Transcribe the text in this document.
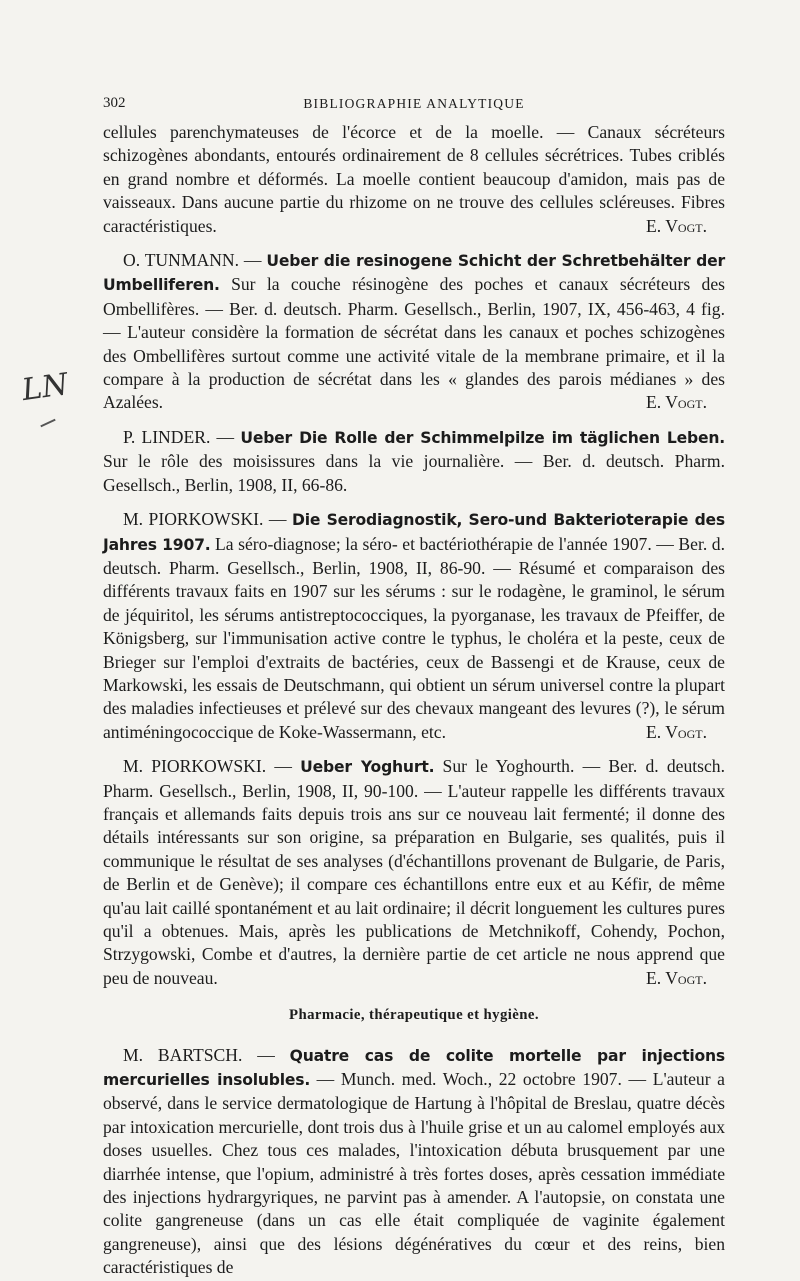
LN
302	BIBLIOGRAPHIE ANALYTIQUE

cellules parenchymateuses de l'écorce et de la moelle. — Canaux sécréteurs schizogènes abondants, entourés ordinairement de 8 cellules sécrétrices. Tubes criblés en grand nombre et déformés. La moelle contient beaucoup d'amidon, mais pas de vaisseaux. Dans aucune partie du rhizome on ne trouve des cellules scléreuses. Fibres caractéristiques.	E. Vogt.

O. TUNMANN. — Ueber die resinogene Schicht der Schretbehälter der Umbelliferen. Sur la couche résinogène des poches et canaux sécréteurs des Ombellifères. — Ber. d. deutsch. Pharm. Gesellsch., Berlin, 1907, IX, 456-463, 4 fig. — L'auteur considère la formation de sécrétat dans les canaux et poches schizogènes des Ombellifères surtout comme une activité vitale de la membrane primaire, et il la compare à la production de sécrétat dans les « glandes des parois médianes » des Azalées.	E. Vogt.

P. LINDER. — Ueber Die Rolle der Schimmelpilze im täglichen Leben. Sur le rôle des moisissures dans la vie journalière. — Ber. d. deutsch. Pharm. Gesellsch., Berlin, 1908, II, 66-86.

M. PIORKOWSKI. — Die Serodiagnostik, Sero-und Bakterioterapie des Jahres 1907. La séro-diagnose; la séro- et bactériothérapie de l'année 1907. — Ber. d. deutsch. Pharm. Gesellsch., Berlin, 1908, II, 86-90. — Résumé et comparaison des différents travaux faits en 1907 sur les sérums : sur le rodagène, le graminol, le sérum de jéquiritol, les sérums antistreptococciques, la pyorganase, les travaux de Pfeiffer, de Königsberg, sur l'immunisation active contre le typhus, le choléra et la peste, ceux de Brieger sur l'emploi d'extraits de bactéries, ceux de Bassengi et de Krause, ceux de Markowski, les essais de Deutschmann, qui obtient un sérum universel contre la plupart des maladies infectieuses et prélevé sur des chevaux mangeant des levures (?), le sérum antiméningococcique de Koke-Wassermann, etc.	E. Vogt.

M. PIORKOWSKI. — Ueber Yoghurt. Sur le Yoghourth. — Ber. d. deutsch. Pharm. Gesellsch., Berlin, 1908, II, 90-100. — L'auteur rappelle les différents travaux français et allemands faits depuis trois ans sur ce nouveau lait fermenté; il donne des détails intéressants sur son origine, sa préparation en Bulgarie, ses qualités, puis il communique le résultat de ses analyses (d'échantillons provenant de Bulgarie, de Paris, de Berlin et de Genève); il compare ces échantillons entre eux et au Kéfir, de même qu'au lait caillé spontanément et au lait ordinaire; il décrit longuement les cultures pures qu'il a obtenues. Mais, après les publications de Metchnikoff, Cohendy, Pochon, Strzygowski, Combe et d'autres, la dernière partie de cet article ne nous apprend que peu de nouveau.	E. Vogt.

Pharmacie, thérapeutique et hygiène.

M. BARTSCH. — Quatre cas de colite mortelle par injections mercurielles insolubles. — Munch. med. Woch., 22 octobre 1907. — L'auteur a observé, dans le service dermatologique de Hartung à l'hôpital de Breslau, quatre décès par intoxication mercurielle, dont trois dus à l'huile grise et un au calomel employés aux doses usuelles. Chez tous ces malades, l'intoxication débuta brusquement par une diarrhée intense, que l'opium, administré à très fortes doses, après cessation immédiate des injections hydrargyriques, ne parvint pas à amender. A l'autopsie, on constata une colite gangreneuse (dans un cas elle était compliquée de vaginite également gangreneuse), ainsi que des lésions dégénératives du cœur et des reins, bien caractéristiques de
